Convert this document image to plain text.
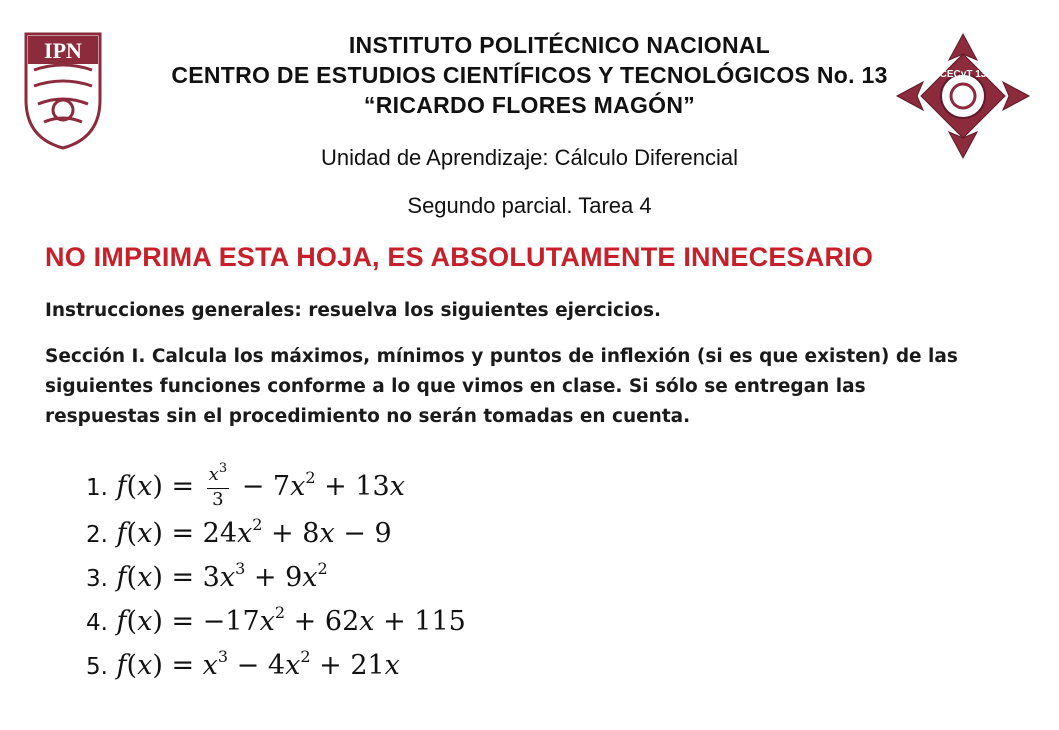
IPN
CECyT 13
INSTITUTO POLITÉCNICO NACIONAL
CENTRO DE ESTUDIOS CIENTÍFICOS Y TECNOLÓGICOS No. 13
“RICARDO FLORES MAGÓN”
Unidad de Aprendizaje: Cálculo Diferencial
Segundo parcial. Tarea 4
NO IMPRIMA ESTA HOJA, ES ABSOLUTAMENTE INNECESARIO
Instrucciones generales: resuelva los siguientes ejercicios.
Sección I. Calcula los máximos, mínimos y puntos de inflexión (si es que existen) de las siguientes funciones conforme a lo que vimos en clase. Si sólo se entregan las respuestas sin el procedimiento no serán tomadas en cuenta.
1. $f(x) = \frac{x^3}{3} - 7x^2 + 13x$
2. $f(x) = 24x^2 + 8x - 9$
3. $f(x) = 3x^3 + 9x^2$
4. $f(x) = -17x^2 + 62x + 115$
5. $f(x) = x^3 - 4x^2 + 21x$
